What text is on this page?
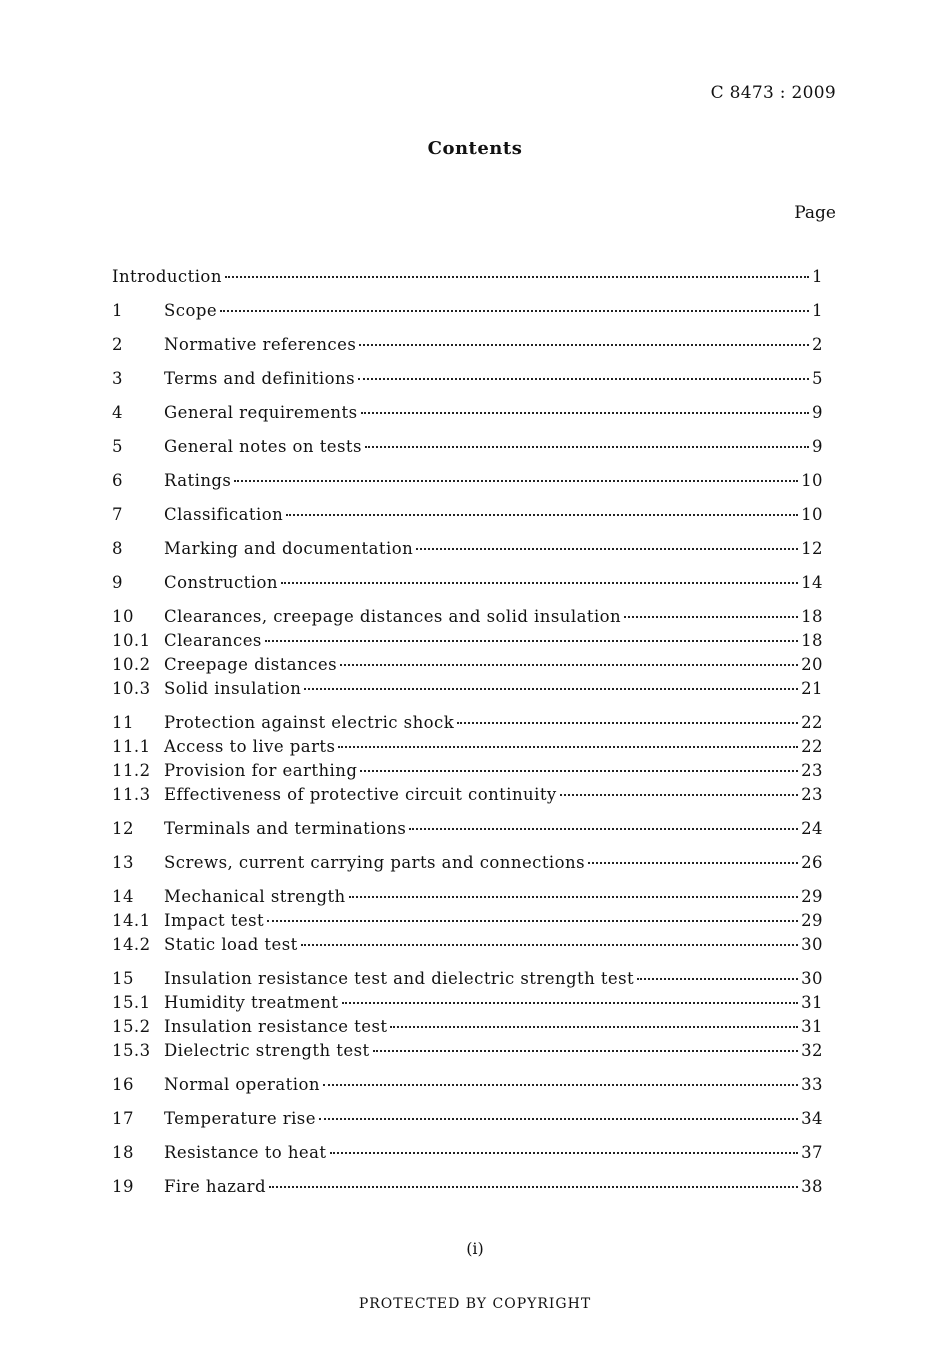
C 8473 : 2009
Contents
Page
Introduction	1
1	Scope	1
2	Normative references	2
3	Terms and definitions	5
4	General requirements	9
5	General notes on tests	9
6	Ratings	10
7	Classification	10
8	Marking and documentation	12
9	Construction	14
10	Clearances, creepage distances and solid insulation	18
10.1 Clearances	18
10.2 Creepage distances	20
10.3 Solid insulation	21
11	Protection against electric shock	22
11.1 Access to live parts	22
11.2 Provision for earthing	23
11.3 Effectiveness of protective circuit continuity	23
12	Terminals and terminations	24
13	Screws, current carrying parts and connections	26
14	Mechanical strength	29
14.1 Impact test	29
14.2 Static load test	30
15	Insulation resistance test and dielectric strength test	30
15.1 Humidity treatment	31
15.2 Insulation resistance test	31
15.3 Dielectric strength test	32
16	Normal operation	33
17	Temperature rise	34
18	Resistance to heat	37
19	Fire hazard	38
(i)
PROTECTED BY COPYRIGHT
